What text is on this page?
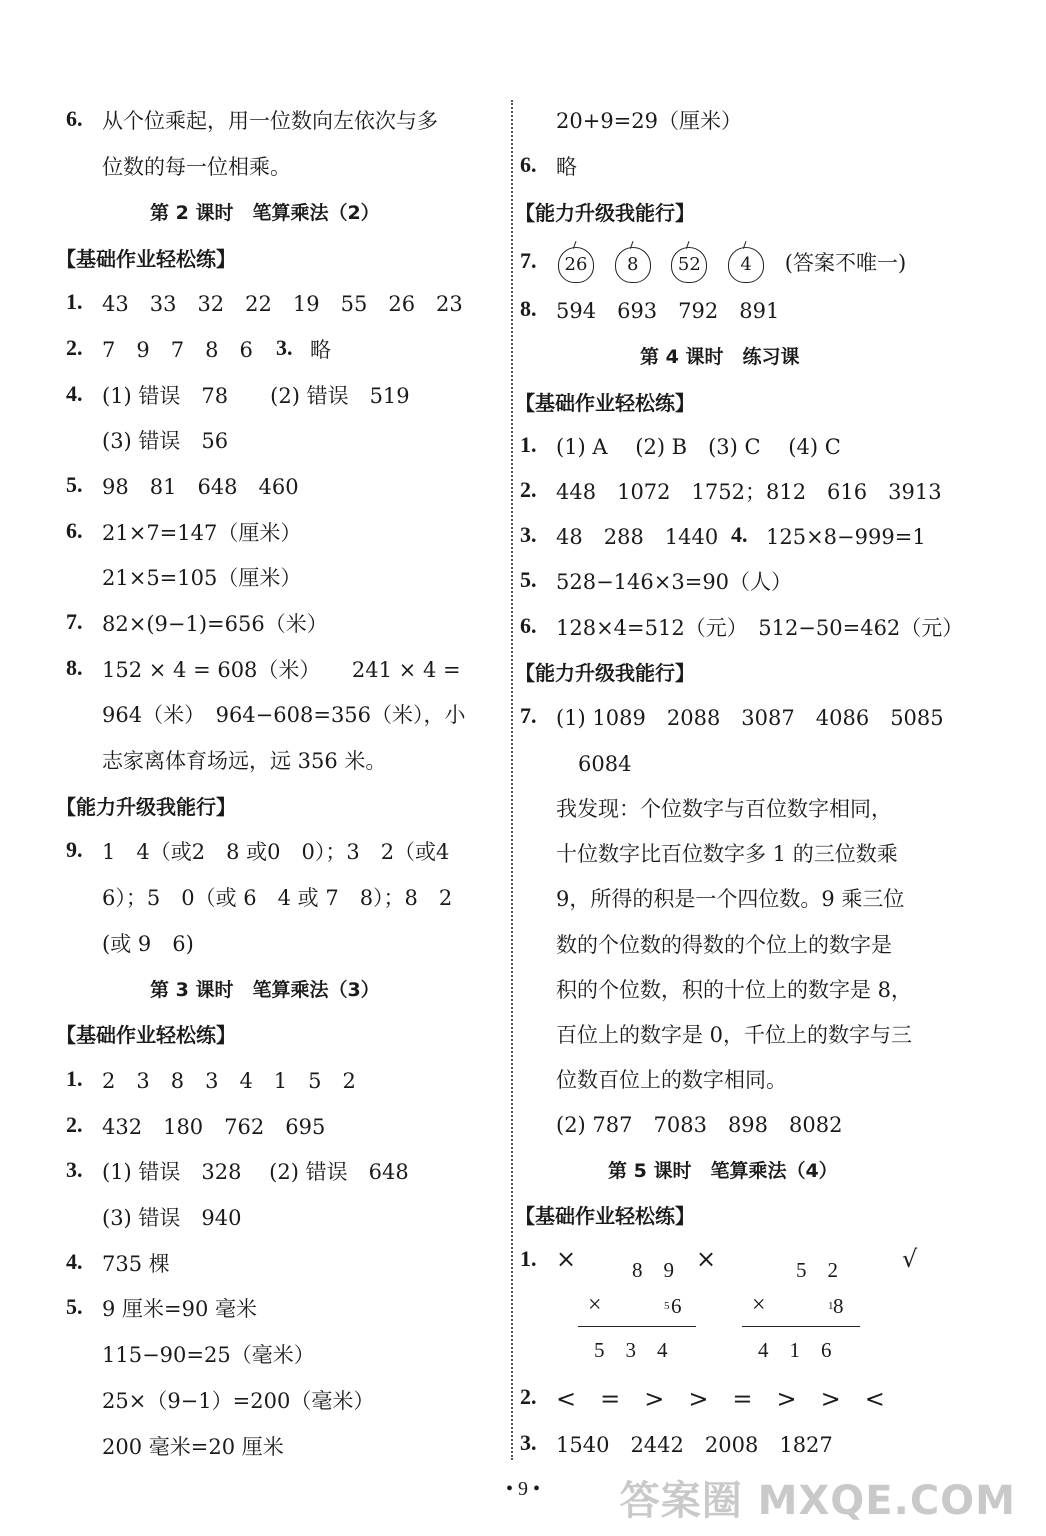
6. 从个位乘起，用一位数向左依次与多
位数的每一位相乘。
第 2 课时　笔算乘法（2）
【基础作业轻松练】
1. 43　33　32　22　19　55　26　23
2. 7　9　7　8　6 3. 略
4. (1) 错误　78　　(2) 错误　519
(3) 错误　56
5. 98　81　648　460
6. 21×7=147（厘米）
21×5=105（厘米）
7. 82×(9−1)=656（米）
8. 152 × 4 = 608（米）　　241 × 4 =
964（米）　964−608=356（米），小
志家离体育场远，远 356 米。
【能力升级我能行】
9. 1　4（或2　8 或0　0）；3　2（或4
6）；5　0（或 6　4 或 7　8）；8　2
(或 9　6)
第 3 课时　笔算乘法（3）
【基础作业轻松练】
1. 2　3　8　3　4　1　5　2
2. 432　180　762　695
3. (1) 错误　328　 (2) 错误　648
(3) 错误　940
4. 735 棵
5. 9 厘米=90 毫米
115−90=25（毫米）
25×（9−1）=200（毫米）
200 毫米=20 厘米
20+9=29（厘米）
6. 略
【能力升级我能行】
7.	26 8 52 4 (答案不唯一)
8. 594　693　792　891
第 4 课时　练习课
【基础作业轻松练】
1. (1) A　 (2) B　(3) C　 (4) C
2. 448　1072　1752；812　616　3913
3. 48　288　1440 4. 125×8−999=1
5. 528−146×3=90（人）
6. 128×4=512（元）　512−50=462（元）
【能力升级我能行】
7. (1) 1089　2088　3087　4086　5085
6084
我发现：个位数字与百位数字相同，
十位数字比百位数字多 1 的三位数乘
9，所得的积是一个四位数。9 乘三位
数的个位数的得数的个位上的数字是
积的个位数，积的十位上的数字是 8，
百位上的数字是 0，千位上的数字与三
位数百位上的数字相同。
(2) 787　7083　898　8082
第 5 课时　笔算乘法（4）
【基础作业轻松练】
1. ×	×	√
8　9
×	5 6
5　3　4
5　2
×	1 8
4　1　6
2. <　=　>　>　=　>　>　<
3. 1540　2442　2008　1827
• 9 •	答案圈 MXQE.COM
